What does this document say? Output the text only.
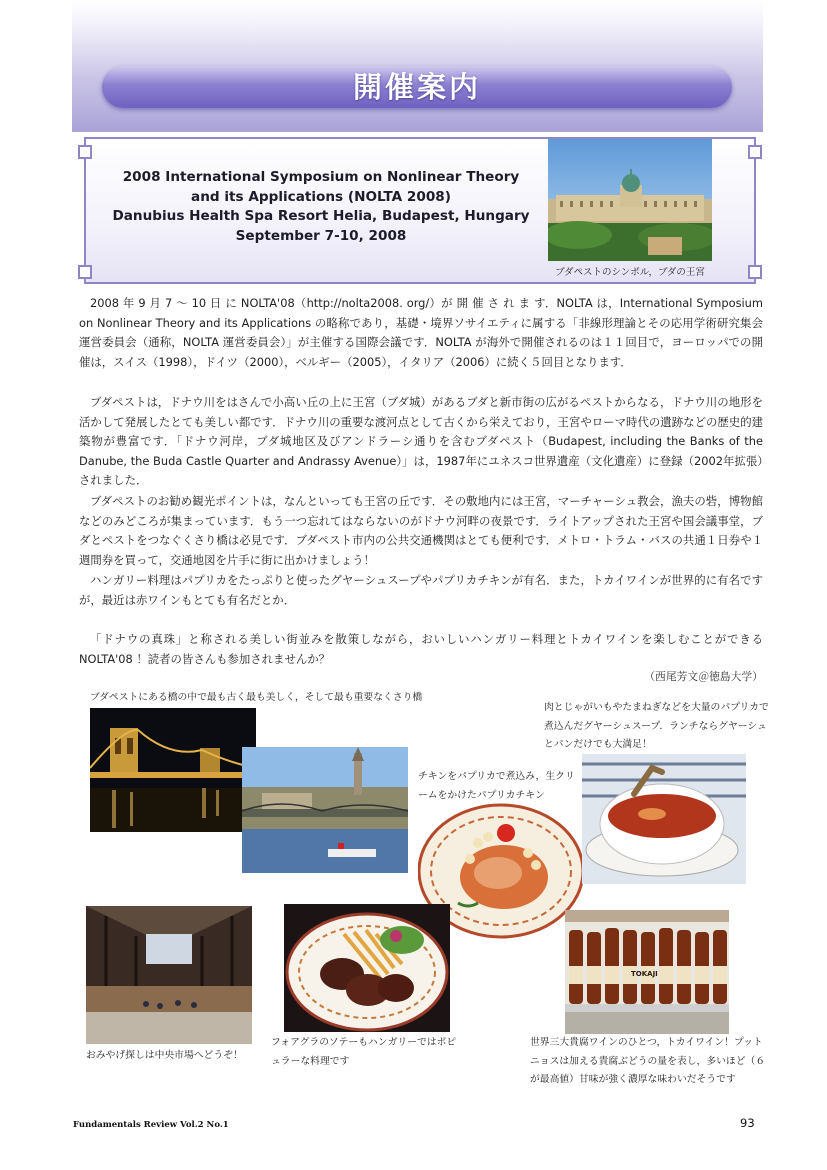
開催案内
2008 International Symposium on Nonlinear Theory
and its Applications (NOLTA 2008)
Danubius Health Spa Resort Helia, Budapest, Hungary
September 7-10, 2008
ブダペストのシンボル，ブダの王宮

2008 年 9 月 7 ～ 10 日 に NOLTA'08（http://nolta2008. org/）が 開 催 さ れ ま す．NOLTA は，International Symposium on Nonlinear Theory and its Applications の略称であり，基礎・境界ソサイエティに属する「非線形理論とその応用学術研究集会運営委員会（通称，NOLTA 運営委員会）」が主催する国際会議です．NOLTA が海外で開催されるのは１１回目で，ヨーロッパでの開催は，スイス（1998），ドイツ（2000），ベルギー（2005），イタリア（2006）に続く５回目となります．

ブダペストは，ドナウ川をはさんで小高い丘の上に王宮（ブダ城）があるブダと新市街の広がるペストからなる，ドナウ川の地形を活かして発展したとても美しい都です．ドナウ川の重要な渡河点として古くから栄えており，王宮やローマ時代の遺跡などの歴史的建築物が豊富です．「ドナウ河岸，ブダ城地区及びアンドラーシ通りを含むブダペスト（Budapest, including the Banks of the Danube, the Buda Castle Quarter and Andrassy Avenue）」は，1987年にユネスコ世界遺産（文化遺産）に登録（2002年拡張）されました．

ブダペストのお勧め観光ポイントは，なんといっても王宮の丘です．その敷地内には王宮，マーチャーシュ教会，漁夫の砦，博物館などのみどころが集まっています．もう一つ忘れてはならないのがドナウ河畔の夜景です．ライトアップされた王宮や国会議事堂，ブダとペストをつなぐくさり橋は必見です．ブダペスト市内の公共交通機関はとても便利です．メトロ・トラム・バスの共通１日券や１週間券を買って，交通地図を片手に街に出かけましょう！

ハンガリー料理はパプリカをたっぷりと使ったグヤーシュスープやパプリカチキンが有名．また，トカイワインが世界的に有名ですが，最近は赤ワインもとても有名だとか．

「ドナウの真珠」と称される美しい街並みを散策しながら，おいしいハンガリー料理とトカイワインを楽しむことができる NOLTA'08 ！読者の皆さんも参加されませんか？

（西尾芳文＠徳島大学）
ブダペストにある橋の中で最も古く最も美しく，そして最も重要なくさり橋
肉とじゃがいもやたまねぎなどを大量のパプリカで煮込んだグヤーシュスープ．ランチならグヤーシュとパンだけでも大満足！
チキンをパプリカで煮込み，生クリームをかけたパプリカチキン
TOKAJI
おみやげ探しは中央市場へどうぞ！
フォアグラのソテーもハンガリーではポピュラーな料理です
世界三大貴腐ワインのひとつ，トカイワイン！プットニョスは加える貴腐ぶどうの量を表し，多いほど（６が最高値）甘味が強く濃厚な味わいだそうです
Fundamentals Review Vol.2 No.1	93
